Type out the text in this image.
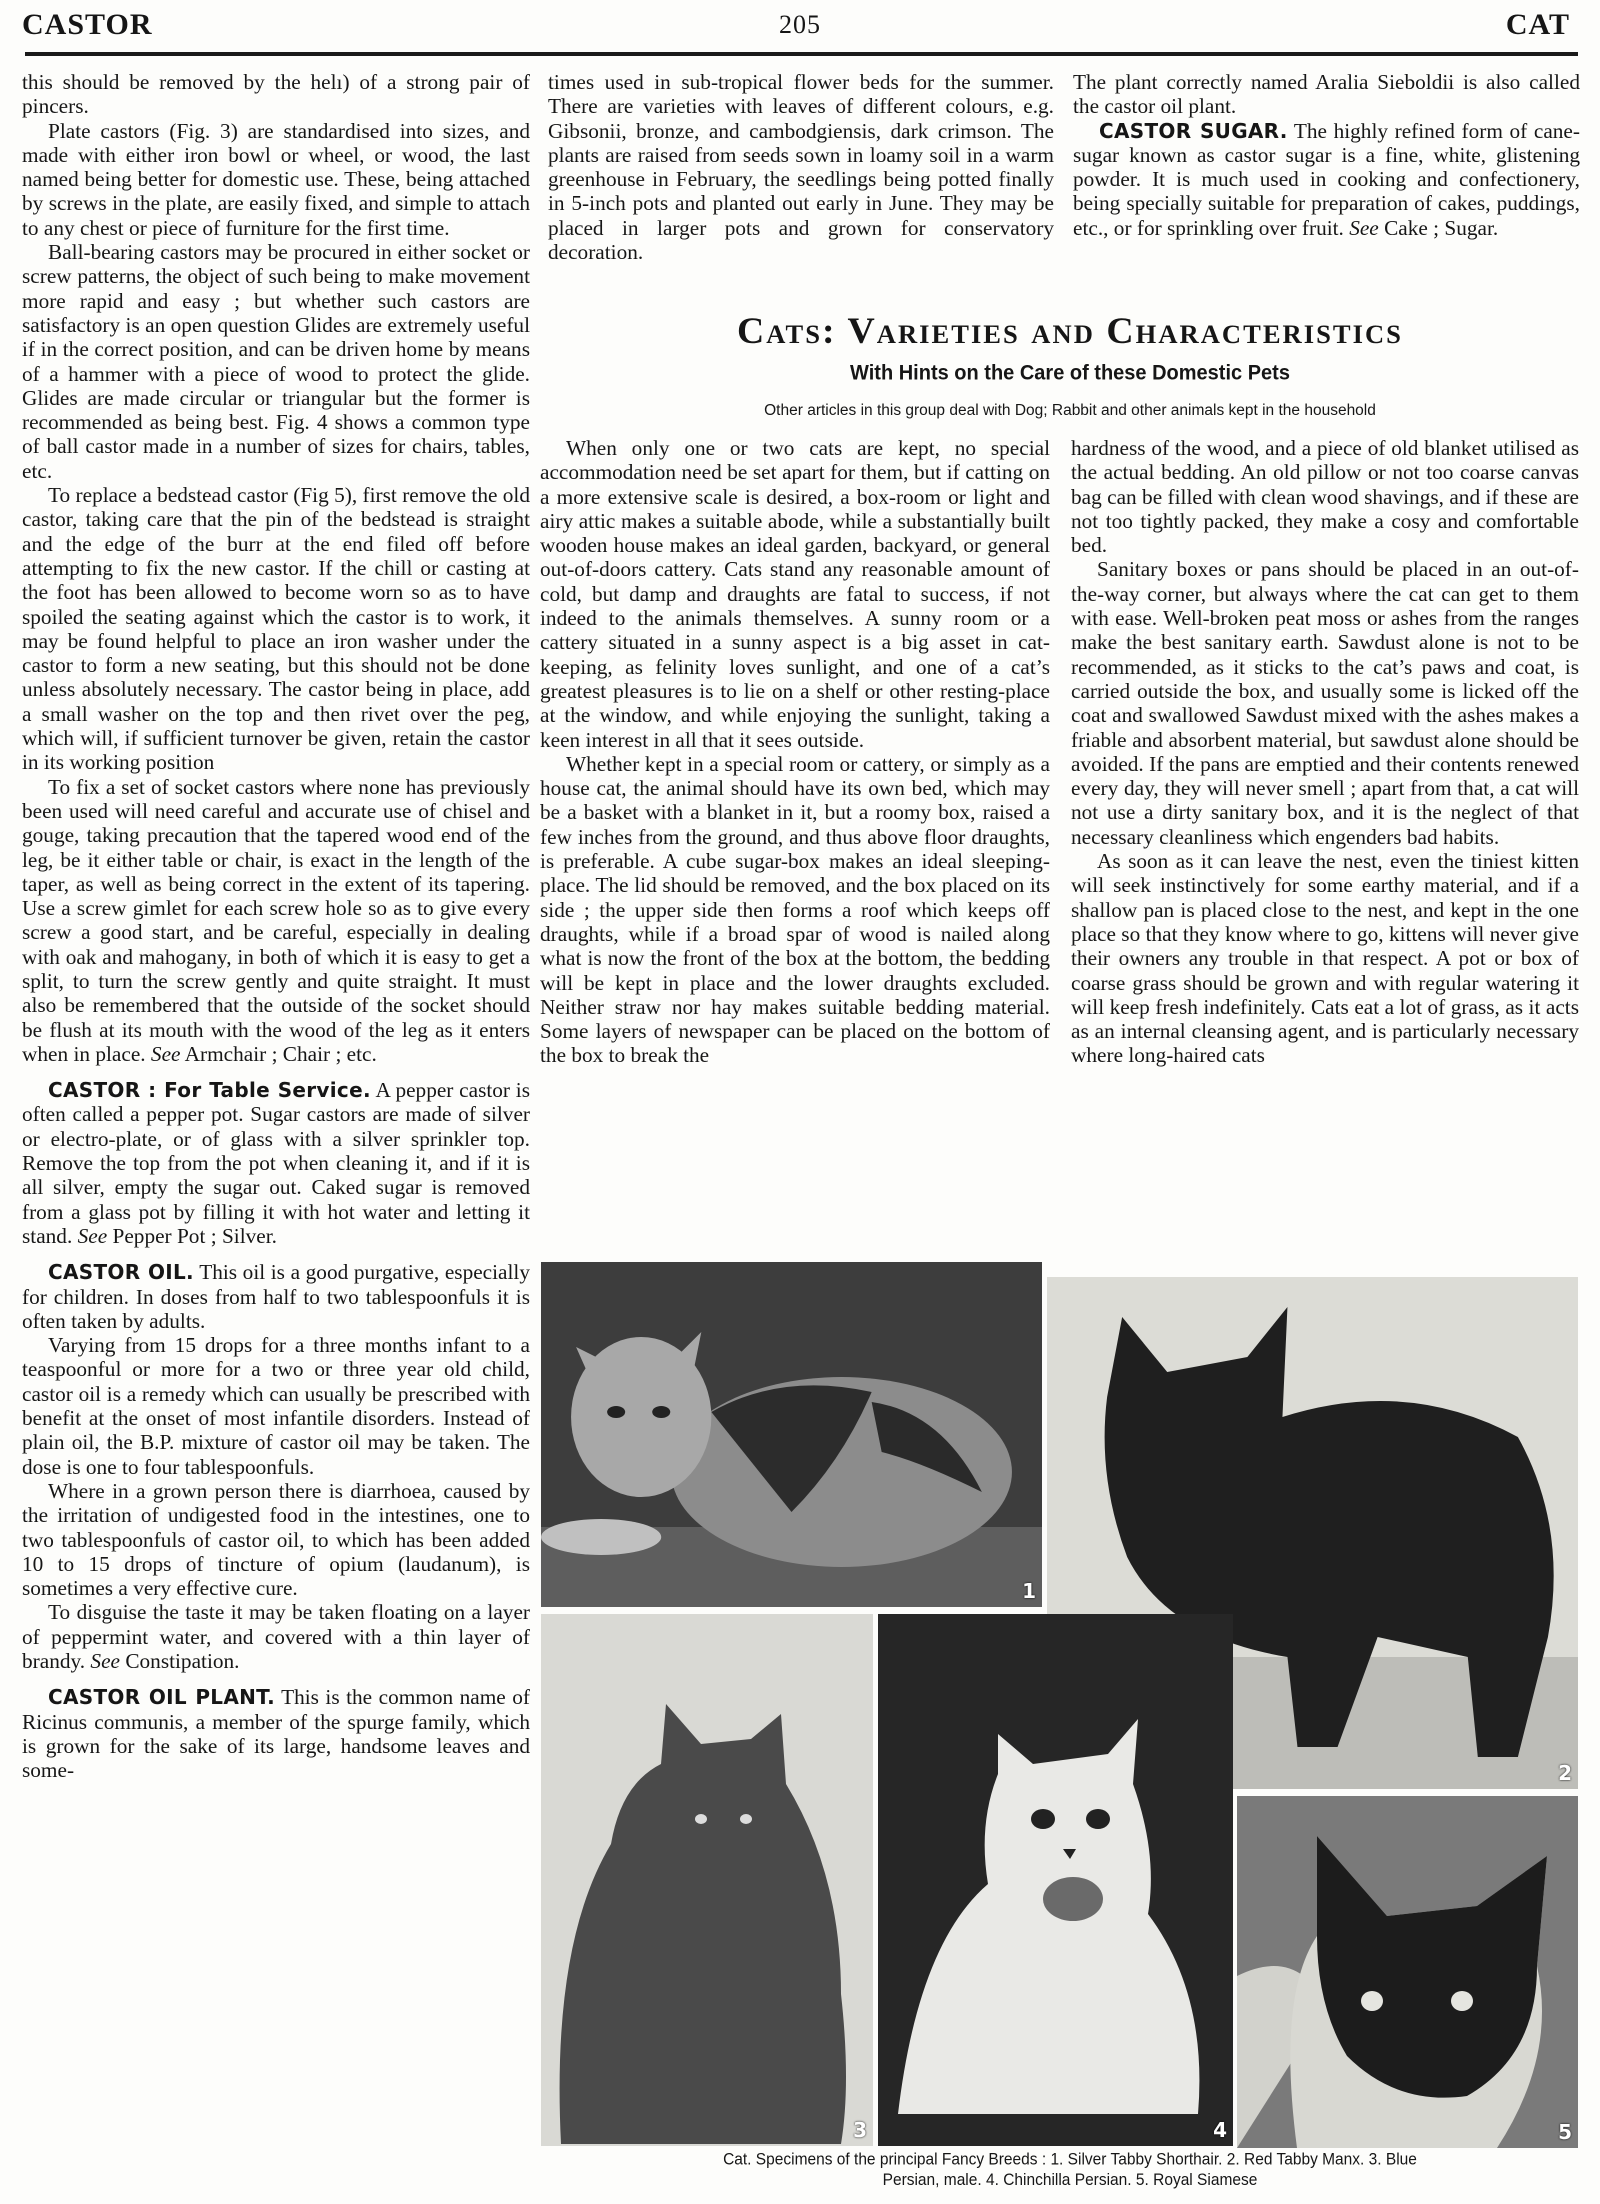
CASTOR	205	CAT

this should be removed by the helı) of a strong pair of pincers.

Plate castors (Fig. 3) are standardised into sizes, and made with either iron bowl or wheel, or wood, the last named being better for domestic use. These, being attached by screws in the plate, are easily fixed, and simple to attach to any chest or piece of furniture for the first time.

Ball-bearing castors may be procured in either socket or screw patterns, the object of such being to make movement more rapid and easy ; but whether such castors are satisfactory is an open question Glides are extremely useful if in the correct position, and can be driven home by means of a hammer with a piece of wood to protect the glide. Glides are made circular or triangular but the former is recommended as being best. Fig. 4 shows a common type of ball castor made in a number of sizes for chairs, tables, etc.

To replace a bedstead castor (Fig 5), first remove the old castor, taking care that the pin of the bedstead is straight and the edge of the burr at the end filed off before attempting to fix the new castor. If the chill or casting at the foot has been allowed to become worn so as to have spoiled the seating against which the castor is to work, it may be found helpful to place an iron washer under the castor to form a new seating, but this should not be done unless absolutely necessary. The castor being in place, add a small washer on the top and then rivet over the peg, which will, if sufficient turnover be given, retain the castor in its working position

To fix a set of socket castors where none has previously been used will need careful and accurate use of chisel and gouge, taking precaution that the tapered wood end of the leg, be it either table or chair, is exact in the length of the taper, as well as being correct in the extent of its tapering. Use a screw gimlet for each screw hole so as to give every screw a good start, and be careful, especially in dealing with oak and mahogany, in both of which it is easy to get a split, to turn the screw gently and quite straight. It must also be remembered that the outside of the socket should be flush at its mouth with the wood of the leg as it enters when in place. See Armchair ; Chair ; etc.

CASTOR : For Table Service. A pepper castor is often called a pepper pot. Sugar castors are made of silver or electro-plate, or of glass with a silver sprinkler top. Remove the top from the pot when cleaning it, and if it is all silver, empty the sugar out. Caked sugar is removed from a glass pot by filling it with hot water and letting it stand. See Pepper Pot ; Silver.

CASTOR OIL. This oil is a good purgative, especially for children. In doses from half to two tablespoonfuls it is often taken by adults.

Varying from 15 drops for a three months infant to a teaspoonful or more for a two or three year old child, castor oil is a remedy which can usually be prescribed with benefit at the onset of most infantile disorders. Instead of plain oil, the B.P. mixture of castor oil may be taken. The dose is one to four tablespoonfuls.

Where in a grown person there is diarrhoea, caused by the irritation of undigested food in the intestines, one to two tablespoonfuls of castor oil, to which has been added 10 to 15 drops of tincture of opium (laudanum), is sometimes a very effective cure.

To disguise the taste it may be taken floating on a layer of peppermint water, and covered with a thin layer of brandy. See Constipation.

CASTOR OIL PLANT. This is the common name of Ricinus communis, a member of the spurge family, which is grown for the sake of its large, handsome leaves and some-

times used in sub-tropical flower beds for the summer. There are varieties with leaves of different colours, e.g. Gibsonii, bronze, and cambodgiensis, dark crimson. The plants are raised from seeds sown in loamy soil in a warm greenhouse in February, the seedlings being potted finally in 5-inch pots and planted out early in June. They may be placed in larger pots and grown for conservatory decoration.

The plant correctly named Aralia Sieboldii is also called the castor oil plant.

CASTOR SUGAR. The highly refined form of cane-sugar known as castor sugar is a fine, white, glistening powder. It is much used in cooking and confectionery, being specially suitable for preparation of cakes, puddings, etc., or for sprinkling over fruit. See Cake ; Sugar.

Cats: Varieties and Characteristics
With Hints on the Care of these Domestic Pets
Other articles in this group deal with Dog; Rabbit and other animals kept in the household

When only one or two cats are kept, no special accommodation need be set apart for them, but if catting on a more extensive scale is desired, a box-room or light and airy attic makes a suitable abode, while a substantially built wooden house makes an ideal garden, backyard, or general out-of-doors cattery. Cats stand any reasonable amount of cold, but damp and draughts are fatal to success, if not indeed to the animals themselves. A sunny room or a cattery situated in a sunny aspect is a big asset in cat-keeping, as felinity loves sunlight, and one of a cat’s greatest pleasures is to lie on a shelf or other resting-place at the window, and while enjoying the sunlight, taking a keen interest in all that it sees outside.

Whether kept in a special room or cattery, or simply as a house cat, the animal should have its own bed, which may be a basket with a blanket in it, but a roomy box, raised a few inches from the ground, and thus above floor draughts, is preferable. A cube sugar-box makes an ideal sleeping-place. The lid should be removed, and the box placed on its side ; the upper side then forms a roof which keeps off draughts, while if a broad spar of wood is nailed along what is now the front of the box at the bottom, the bedding will be kept in place and the lower draughts excluded. Neither straw nor hay makes suitable bedding material. Some layers of newspaper can be placed on the bottom of the box to break the

hardness of the wood, and a piece of old blanket utilised as the actual bedding. An old pillow or not too coarse canvas bag can be filled with clean wood shavings, and if these are not too tightly packed, they make a cosy and comfortable bed.

Sanitary boxes or pans should be placed in an out-of-the-way corner, but always where the cat can get to them with ease. Well-broken peat moss or ashes from the ranges make the best sanitary earth. Sawdust alone is not to be recommended, as it sticks to the cat’s paws and coat, is carried outside the box, and usually some is licked off the coat and swallowed Sawdust mixed with the ashes makes a friable and absorbent material, but sawdust alone should be avoided. If the pans are emptied and their contents renewed every day, they will never smell ; apart from that, a cat will not use a dirty sanitary box, and it is the neglect of that necessary cleanliness which engenders bad habits.

As soon as it can leave the nest, even the tiniest kitten will seek instinctively for some earthy material, and if a shallow pan is placed close to the nest, and kept in the one place so that they know where to go, kittens will never give their owners any trouble in that respect. A pot or box of coarse grass should be grown and with regular watering it will keep fresh indefinitely. Cats eat a lot of grass, as it acts as an internal cleansing agent, and is particularly necessary where long-haired cats

1
2
3	4	5
Cat. Specimens of the principal Fancy Breeds : 1. Silver Tabby Shorthair. 2. Red Tabby Manx. 3. Blue
Persian, male. 4. Chinchilla Persian. 5. Royal Siamese
